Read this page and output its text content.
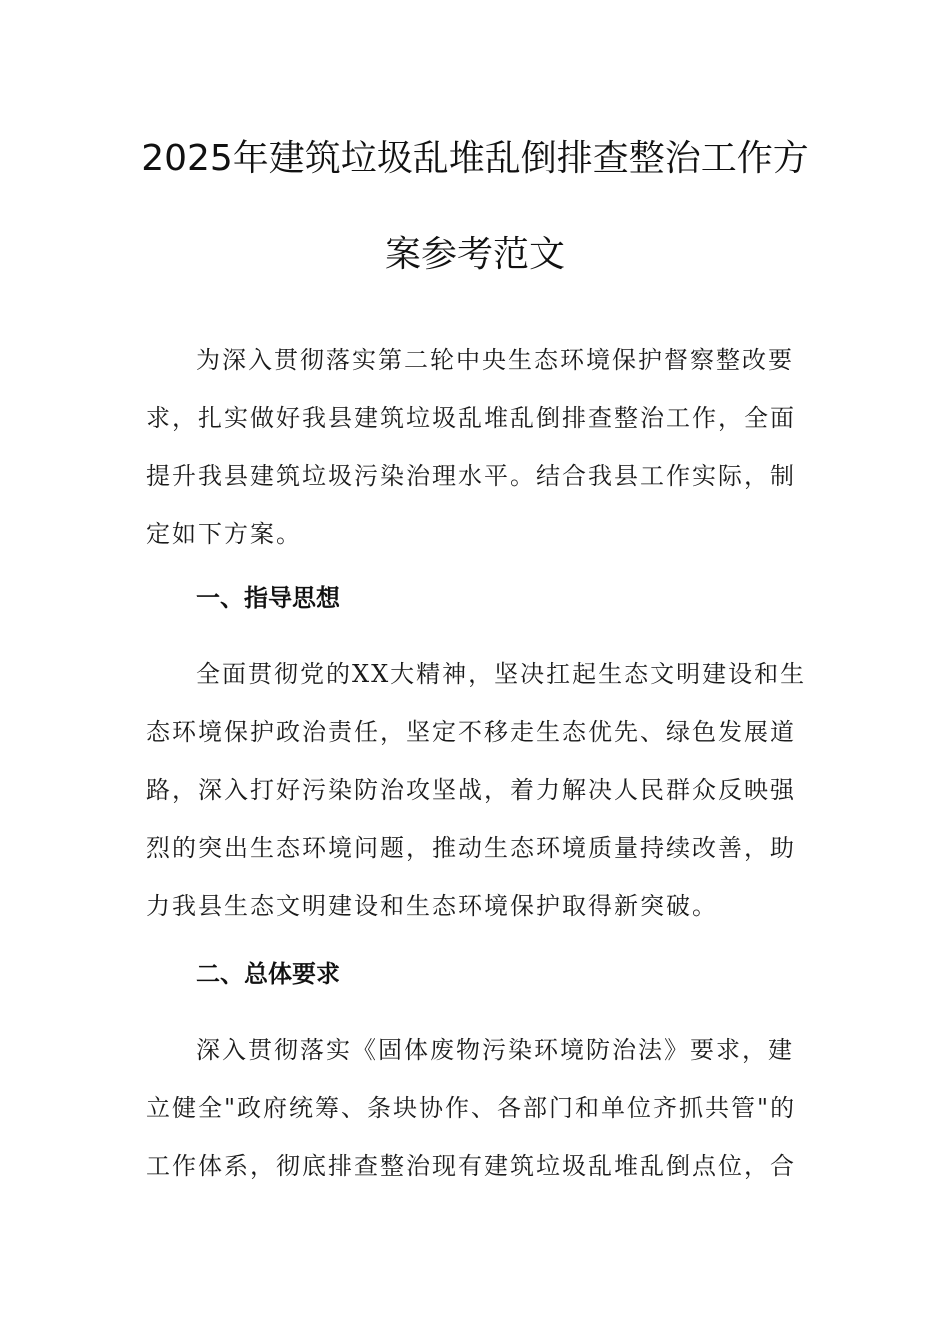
2025年建筑垃圾乱堆乱倒排查整治工作方
案参考范文
为深入贯彻落实第二轮中央生态环境保护督察整改要
求，扎实做好我县建筑垃圾乱堆乱倒排查整治工作，全面
提升我县建筑垃圾污染治理水平。结合我县工作实际，制
定如下方案。
一、指导思想
全面贯彻党的XX大精神，坚决扛起生态文明建设和生
态环境保护政治责任，坚定不移走生态优先、绿色发展道
路，深入打好污染防治攻坚战，着力解决人民群众反映强
烈的突出生态环境问题，推动生态环境质量持续改善，助
力我县生态文明建设和生态环境保护取得新突破。
二、总体要求
深入贯彻落实《固体废物污染环境防治法》要求，建
立健全"政府统筹、条块协作、各部门和单位齐抓共管"的
工作体系，彻底排查整治现有建筑垃圾乱堆乱倒点位，合
